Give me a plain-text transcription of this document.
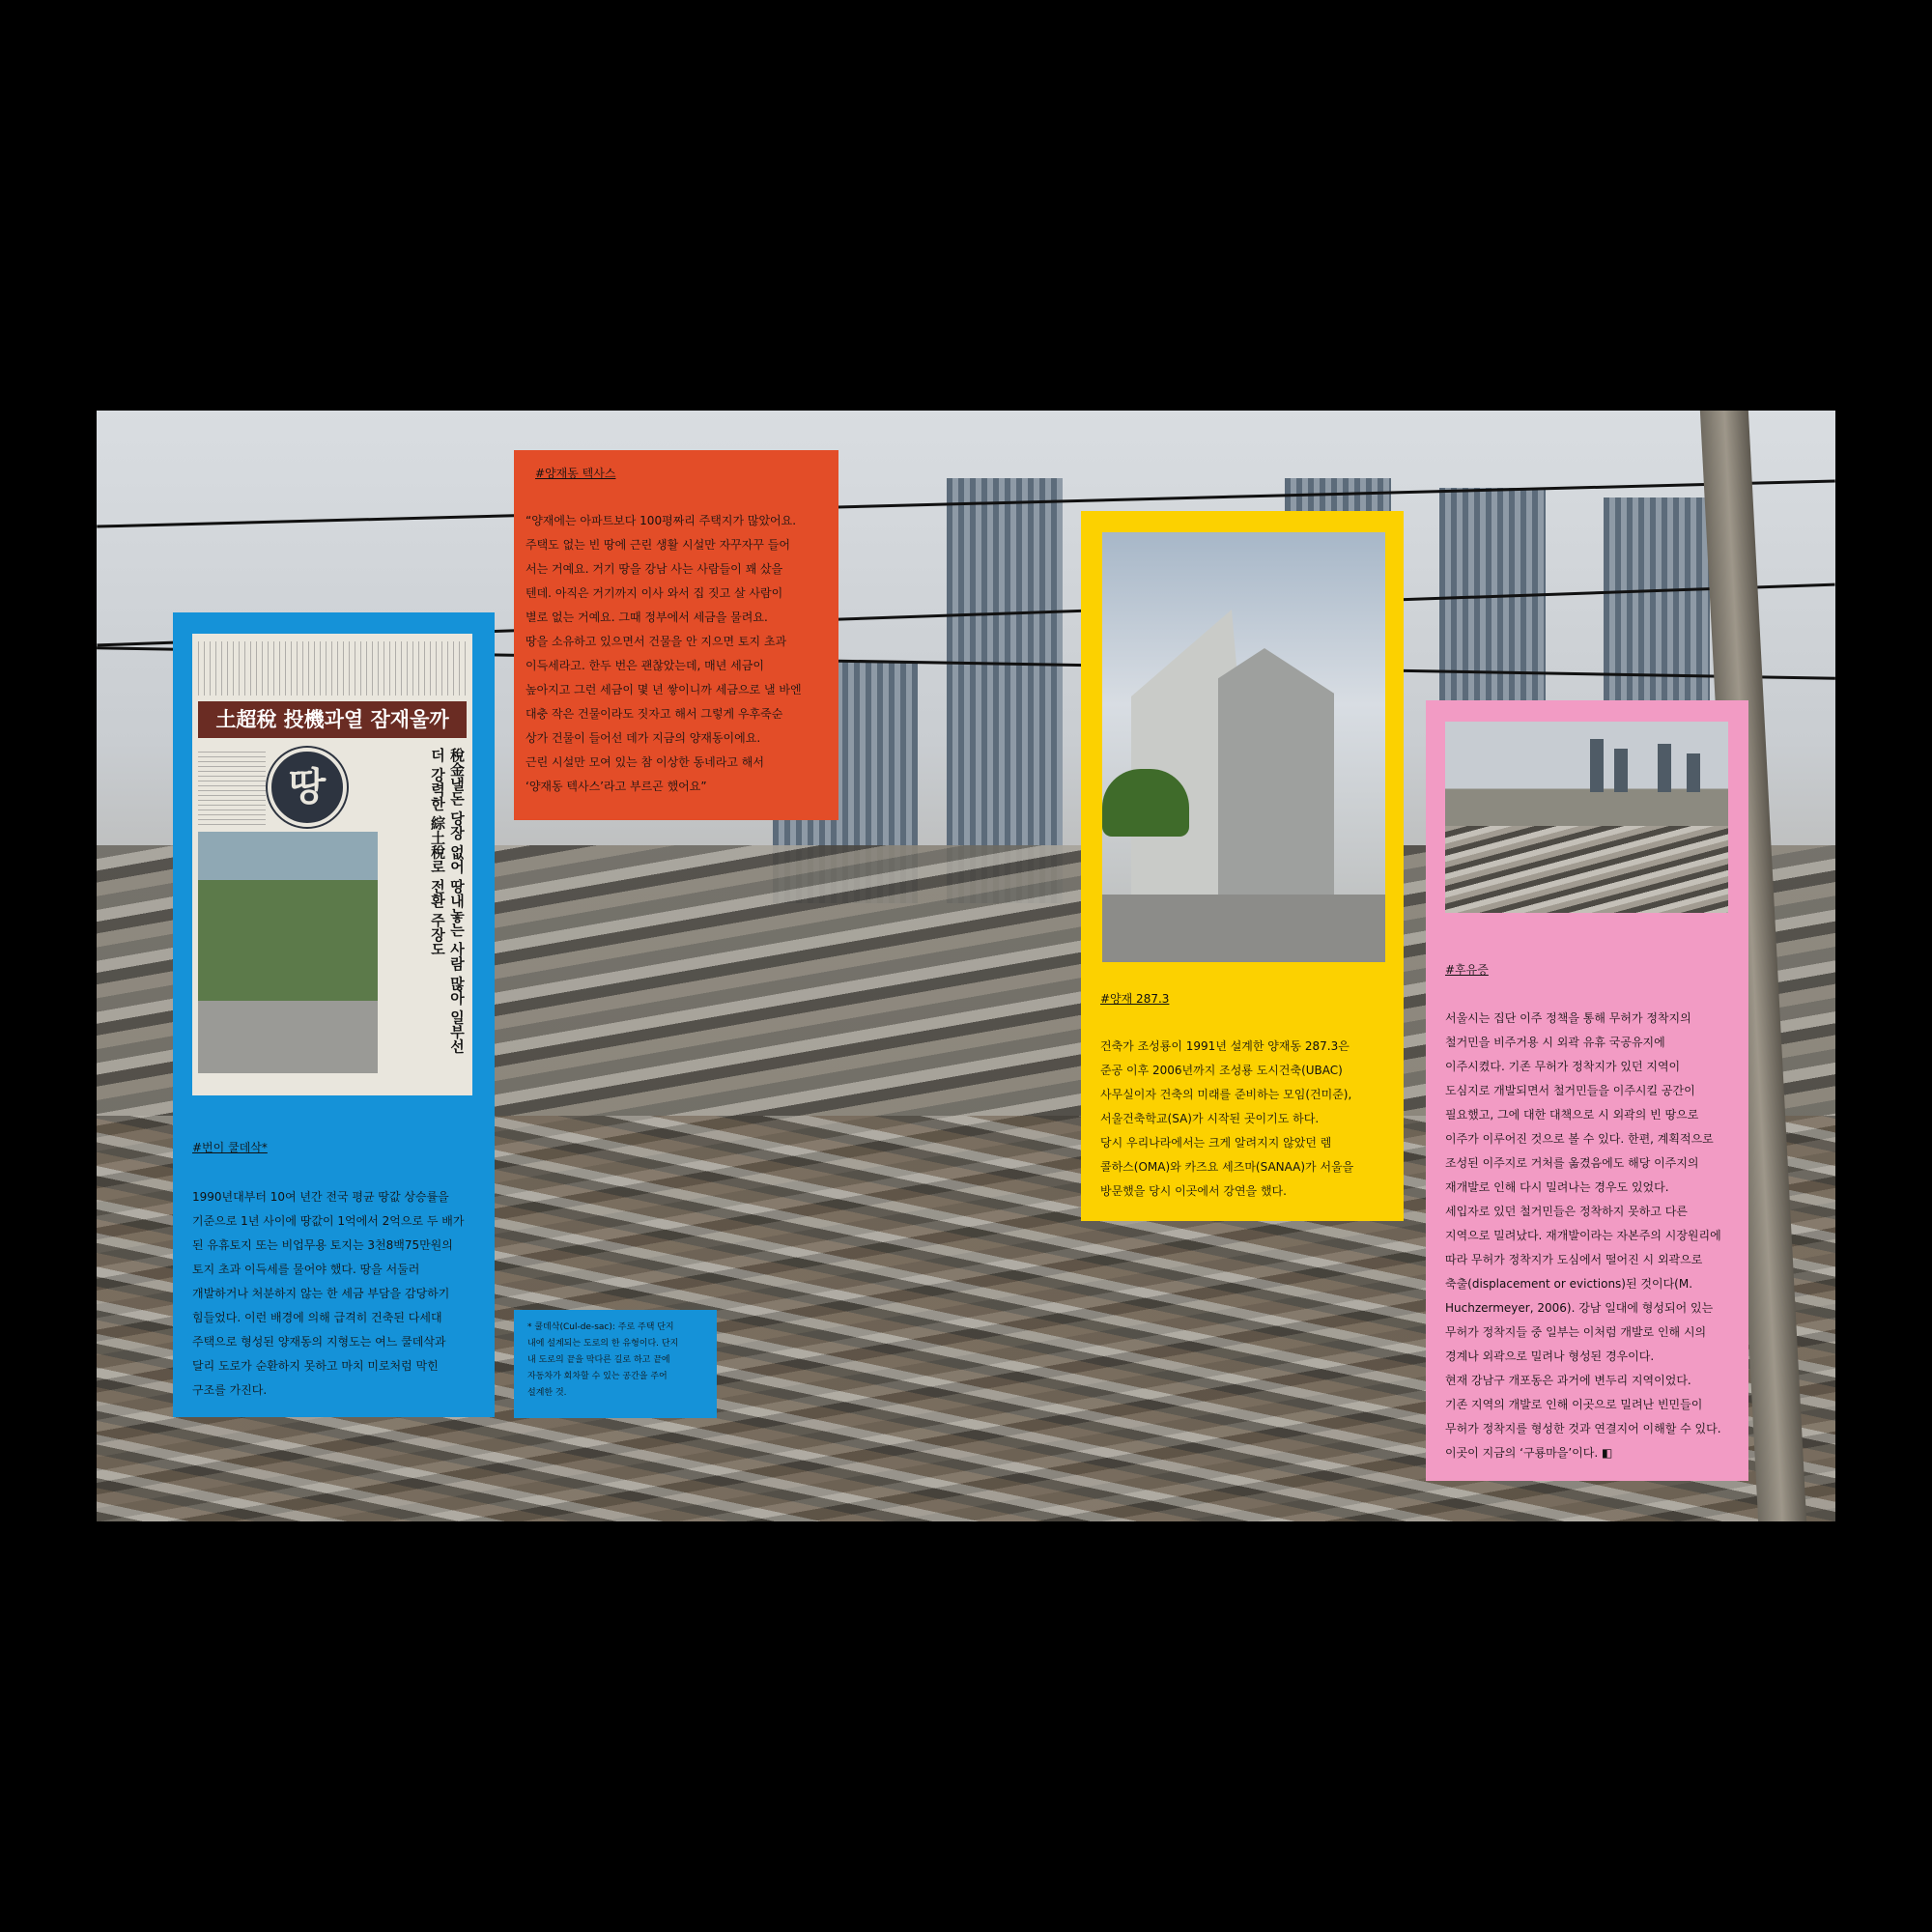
土超稅 投機과열 잠재울까
땅	稅金낼돈 당장 없어 땅내놓는 사람 많아 일부선 더 강력한 綜土稅로 전환 주장도
#번이 쿨데삭*
1990년대부터 10여 년간 전국 평균 땅값 상승률을
기준으로 1년 사이에 땅값이 1억에서 2억으로 두 배가
된 유휴토지 또는 비업무용 토지는 3천8백75만원의
토지 초과 이득세를 물어야 했다. 땅을 서둘러
개발하거나 처분하지 않는 한 세금 부담을 감당하기
힘들었다. 이런 배경에 의해 급격히 건축된 다세대
주택으로 형성된 양재동의 지형도는 여느 쿨데삭과
달리 도로가 순환하지 못하고 마치 미로처럼 막힌
구조를 가진다.
#양재동 텍사스
“양재에는 아파트보다 100평짜리 주택지가 많았어요.
주택도 없는 빈 땅에 근린 생활 시설만 자꾸자꾸 들어
서는 거예요. 거기 땅을 강남 사는 사람들이 꽤 샀을
텐데. 아직은 거기까지 이사 와서 집 짓고 살 사람이
별로 없는 거예요. 그때 정부에서 세금을 물려요.
땅을 소유하고 있으면서 건물을 안 지으면 토지 초과
이득세라고. 한두 번은 괜찮았는데, 매년 세금이
높아지고 그런 세금이 몇 년 쌓이니까 세금으로 낼 바엔
대충 작은 건물이라도 짓자고 해서 그렇게 우후죽순
상가 건물이 들어선 데가 지금의 양재동이에요.
근린 시설만 모여 있는 참 이상한 동네라고 해서
‘양재동 텍사스’라고 부르곤 했어요”
* 쿨데삭(Cul-de-sac): 주로 주택 단지
내에 설계되는 도로의 한 유형이다. 단지
내 도로의 끝을 막다른 길로 하고 끝에
자동차가 회차할 수 있는 공간을 주어
설계한 것.
#양재 287.3
건축가 조성룡이 1991년 설계한 양재동 287.3은
준공 이후 2006년까지 조성룡 도시건축(UBAC)
사무실이자 건축의 미래를 준비하는 모임(건미준),
서울건축학교(SA)가 시작된 곳이기도 하다.
당시 우리나라에서는 크게 알려지지 않았던 렘
콜하스(OMA)와 카즈요 세즈마(SANAA)가 서울을
방문했을 당시 이곳에서 강연을 했다.
#후유증
서울시는 집단 이주 정책을 통해 무허가 정착지의
철거민을 비주거용 시 외곽 유휴 국공유지에
이주시켰다. 기존 무허가 정착지가 있던 지역이
도심지로 개발되면서 철거민들을 이주시킬 공간이
필요했고, 그에 대한 대책으로 시 외곽의 빈 땅으로
이주가 이루어진 것으로 볼 수 있다. 한편, 계획적으로
조성된 이주지로 거처를 옮겼음에도 해당 이주지의
재개발로 인해 다시 밀려나는 경우도 있었다.
세입자로 있던 철거민들은 정착하지 못하고 다른
지역으로 밀려났다. 재개발이라는 자본주의 시장원리에
따라 무허가 정착지가 도심에서 떨어진 시 외곽으로
축출(displacement or evictions)된 것이다(M.
Huchzermeyer, 2006). 강남 일대에 형성되어 있는
무허가 정착지들 중 일부는 이처럼 개발로 인해 시의
경계나 외곽으로 밀려나 형성된 경우이다.
현재 강남구 개포동은 과거에 변두리 지역이었다.
기존 지역의 개발로 인해 이곳으로 밀려난 빈민들이
무허가 정착지를 형성한 것과 연결지어 이해할 수 있다.
이곳이 지금의 ‘구룡마을’이다. ◧
